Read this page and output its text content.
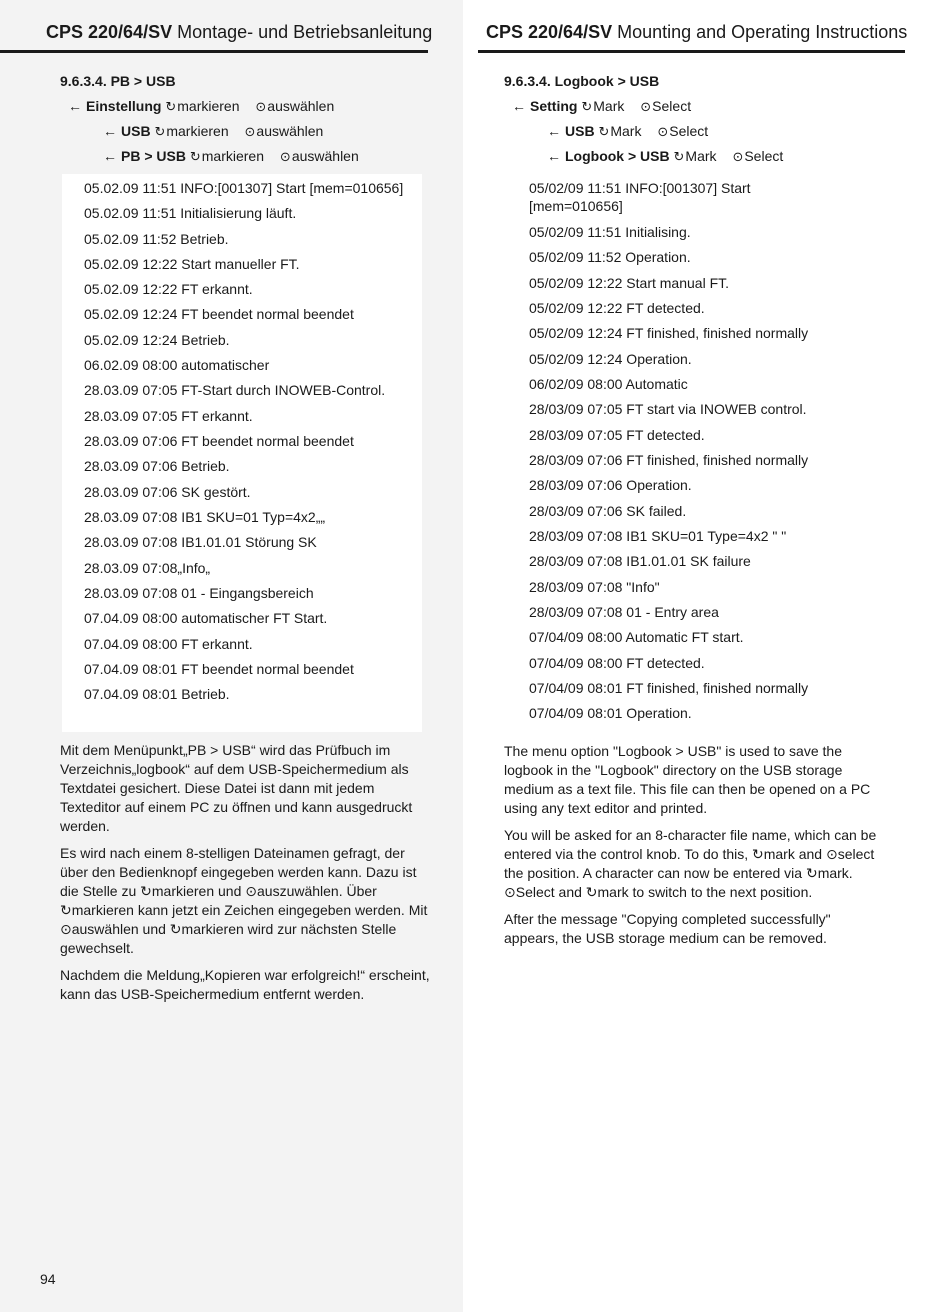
CPS 220/64/SV Montage- und Betriebsanleitung	CPS 220/64/SV Mounting and Operating Instructions
9.6.3.4. PB > USB
← Einstellung ↻markieren ⊙auswählen
← USB ↻markieren ⊙auswählen
← PB > USB ↻markieren ⊙auswählen
05.02.09 11:51 INFO:[001307] Start [mem=010656]
05.02.09 11:51 Initialisierung läuft.
05.02.09 11:52 Betrieb.
05.02.09 12:22 Start manueller FT.
05.02.09 12:22 FT erkannt.
05.02.09 12:24 FT beendet normal beendet
05.02.09 12:24 Betrieb.
06.02.09 08:00 automatischer
28.03.09 07:05 FT-Start durch INOWEB-Control.
28.03.09 07:05 FT erkannt.
28.03.09 07:06 FT beendet normal beendet
28.03.09 07:06 Betrieb.
28.03.09 07:06 SK gestört.
28.03.09 07:08 IB1 SKU=01 Typ=4x2„„
28.03.09 07:08 IB1.01.01 Störung SK
28.03.09 07:08„Info„
28.03.09 07:08 01 - Eingangsbereich
07.04.09 08:00 automatischer FT Start.
07.04.09 08:00 FT erkannt.
07.04.09 08:01 FT beendet normal beendet
07.04.09 08:01 Betrieb.

Mit dem Menüpunkt„PB > USB“ wird das Prüfbuch im Verzeichnis„logbook“ auf dem USB-Speichermedium als Textdatei gesichert. Diese Datei ist dann mit jedem Texteditor auf einem PC zu öffnen und kann ausgedruckt werden.

Es wird nach einem 8-stelligen Dateinamen gefragt, der über den Bedienknopf eingegeben werden kann. Dazu ist die Stelle zu ↻markieren und ⊙auszuwählen. Über ↻markieren kann jetzt ein Zeichen eingegeben werden. Mit ⊙auswählen und ↻markieren wird zur nächsten Stelle gewechselt.

Nachdem die Meldung„Kopieren war erfolgreich!“ erscheint, kann das USB-Speichermedium entfernt werden.

94
9.6.3.4. Logbook > USB
← Setting ↻Mark ⊙Select
← USB ↻Mark ⊙Select
← Logbook > USB ↻Mark ⊙Select
05/02/09 11:51 INFO:[001307] Start [mem=010656]
05/02/09 11:51 Initialising.
05/02/09 11:52 Operation.
05/02/09 12:22 Start manual FT.
05/02/09 12:22 FT detected.
05/02/09 12:24 FT finished, finished normally
05/02/09 12:24 Operation.
06/02/09 08:00 Automatic
28/03/09 07:05 FT start via INOWEB control.
28/03/09 07:05 FT detected.
28/03/09 07:06 FT finished, finished normally
28/03/09 07:06 Operation.
28/03/09 07:06 SK failed.
28/03/09 07:08 IB1 SKU=01 Type=4x2 " "
28/03/09 07:08 IB1.01.01 SK failure
28/03/09 07:08 "Info"
28/03/09 07:08 01 - Entry area
07/04/09 08:00 Automatic FT start.
07/04/09 08:00 FT detected.
07/04/09 08:01 FT finished, finished normally
07/04/09 08:01 Operation.

The menu option "Logbook > USB" is used to save the logbook in the "Logbook" directory on the USB storage medium as a text file. This file can then be opened on a PC using any text editor and printed.

You will be asked for an 8-character file name, which can be entered via the control knob. To do this, ↻mark and ⊙select the position. A character can now be entered via ↻mark. ⊙Select and ↻mark to switch to the next position.

After the message "Copying completed successfully" appears, the USB storage medium can be removed.
